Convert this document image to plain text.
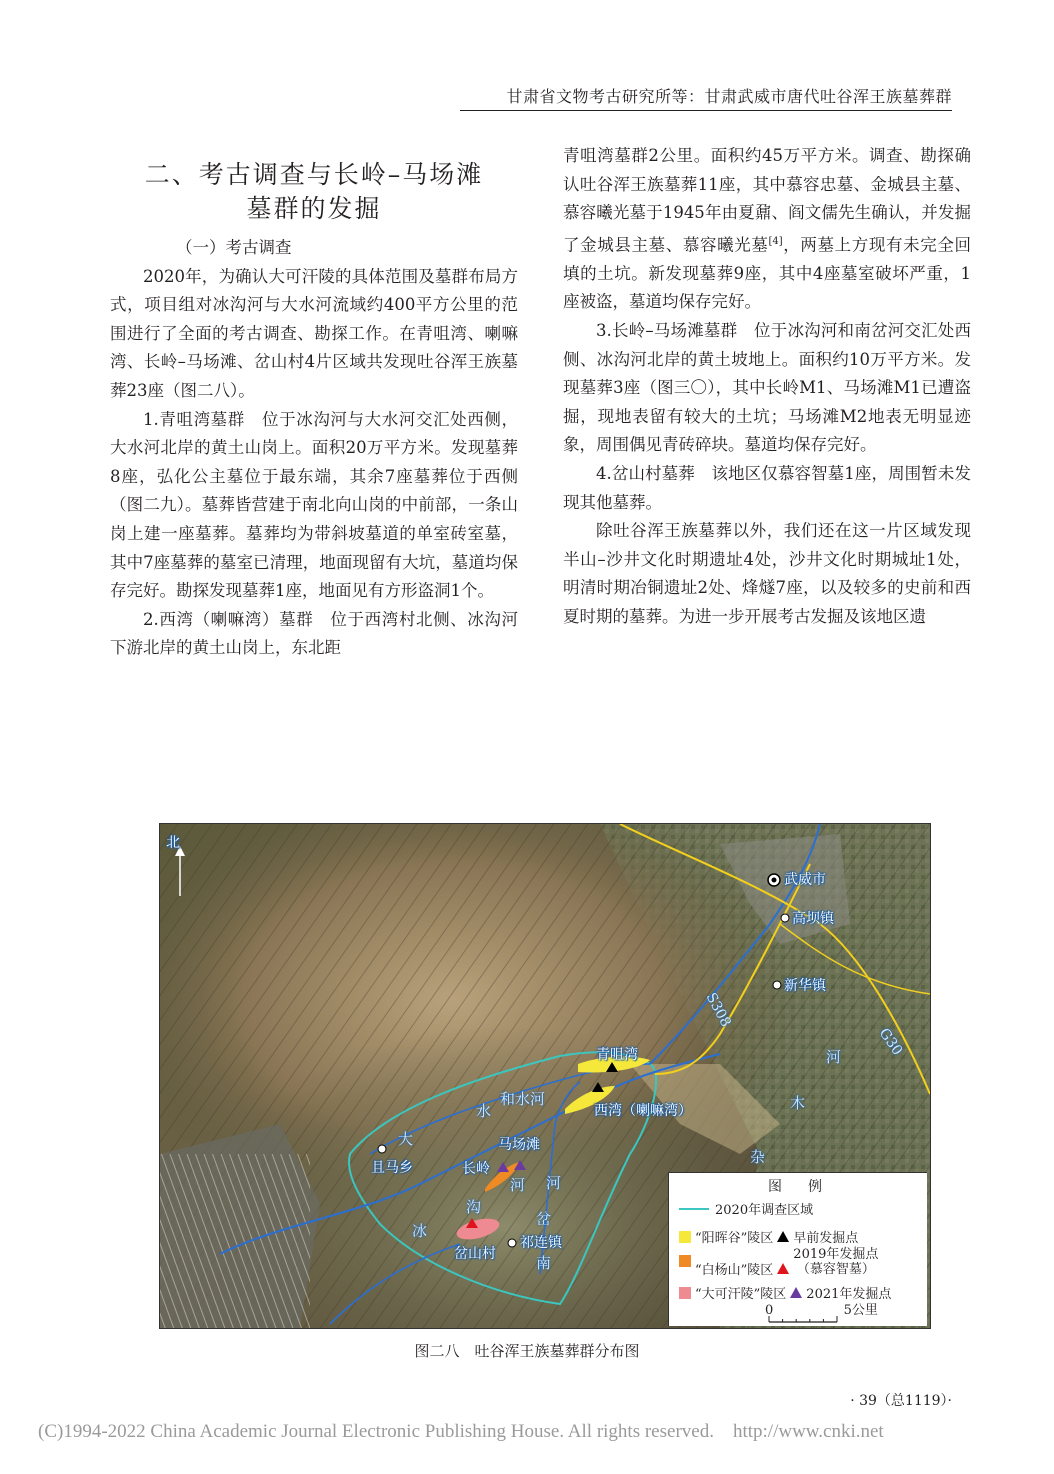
甘肃省文物考古研究所等：甘肃武威市唐代吐谷浑王族墓葬群
二、考古调查与长岭–马场滩
墓群的发掘

（一）考古调查

2020年，为确认大可汗陵的具体范围及墓群布局方式，项目组对冰沟河与大水河流域约400平方公里的范围进行了全面的考古调查、勘探工作。在青咀湾、喇嘛湾、长岭–马场滩、岔山村4片区域共发现吐谷浑王族墓葬23座（图二八）。

1.青咀湾墓群　位于冰沟河与大水河交汇处西侧，大水河北岸的黄土山岗上。面积20万平方米。发现墓葬8座，弘化公主墓位于最东端，其余7座墓葬位于西侧（图二九）。墓葬皆营建于南北向山岗的中前部，一条山岗上建一座墓葬。墓葬均为带斜坡墓道的单室砖室墓，其中7座墓葬的墓室已清理，地面现留有大坑，墓道均保存完好。勘探发现墓葬1座，地面见有方形盗洞1个。

2.西湾（喇嘛湾）墓群　位于西湾村北侧、冰沟河下游北岸的黄土山岗上，东北距

青咀湾墓群2公里。面积约45万平方米。调查、勘探确认吐谷浑王族墓葬11座，其中慕容忠墓、金城县主墓、慕容曦光墓于1945年由夏鼐、阎文儒先生确认，并发掘了金城县主墓、慕容曦光墓[4]，两墓上方现有未完全回填的土坑。新发现墓葬9座，其中4座墓室破坏严重，1座被盗，墓道均保存完好。

3.长岭–马场滩墓群　位于冰沟河和南岔河交汇处西侧、冰沟河北岸的黄土坡地上。面积约10万平方米。发现墓葬3座（图三〇），其中长岭M1、马场滩M1已遭盗掘，现地表留有较大的土坑；马场滩M2地表无明显迹象，周围偶见青砖碎块。墓道均保存完好。

4.岔山村墓葬　该地区仅慕容智墓1座，周围暂未发现其他墓葬。

除吐谷浑王族墓葬以外，我们还在这一片区域发现半山–沙井文化时期遗址4处，沙井文化时期城址1处，明清时期冶铜遗址2处、烽燧7座，以及较多的史前和西夏时期的墓葬。为进一步开展考古发掘及该地区遗

北
武威市
高坝镇
新华镇
青咀湾
西湾（喇嘛湾）
马场滩
长岭
且马乡
岔山村
祁连镇
大
水
和水河
冰
沟
河 河
岔
南
河
木
杂
S308
G30
图　例
2020年调查区域
“阳晖谷”陵区 早前发掘点
“白杨山”陵区
2019年发掘点
（慕容智墓）
“大可汗陵”陵区 2021年发掘点
0	5公里
图二八　吐谷浑王族墓葬群分布图
· 39（总1119）·
(C)1994-2022 China Academic Journal Electronic Publishing House. All rights reserved.　http://www.cnki.net
